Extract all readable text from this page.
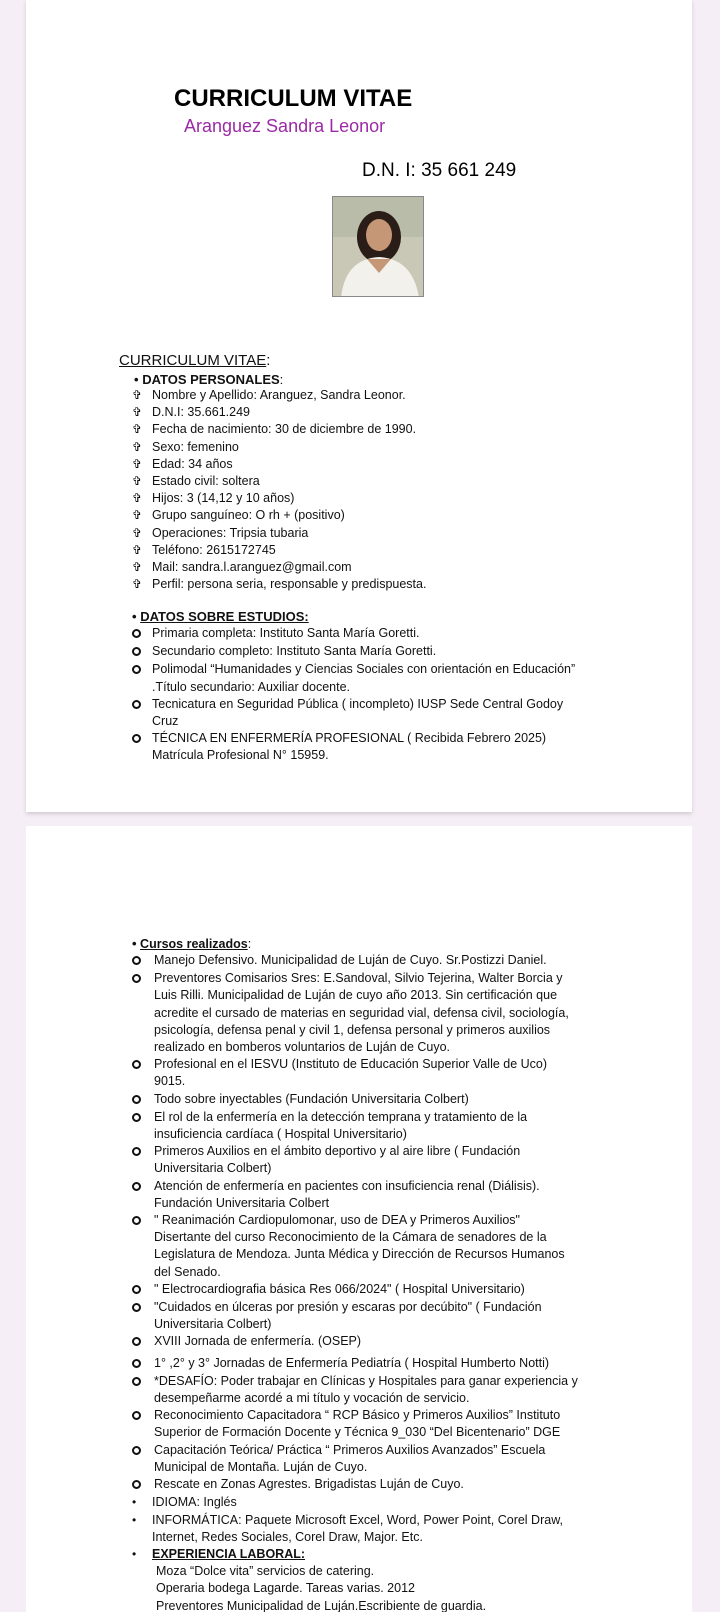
CURRICULUM VITAE
Aranguez Sandra Leonor
D.N. I: 35 661 249
CURRICULUM VITAE:
• DATOS PERSONALES:
✞ Nombre y Apellido: Aranguez, Sandra Leonor.
✞ D.N.I: 35.661.249
✞ Fecha de nacimiento: 30 de diciembre de 1990.
✞ Sexo: femenino
✞ Edad: 34 años
✞ Estado civil: soltera
✞ Hijos: 3 (14,12 y 10 años)
✞ Grupo sanguíneo: O rh + (positivo)
✞ Operaciones: Tripsia tubaria
✞ Teléfono: 2615172745
✞ Mail: sandra.l.aranguez@gmail.com
✞ Perfil: persona seria, responsable y predispuesta.
• DATOS SOBRE ESTUDIOS:
Primaria completa: Instituto Santa María Goretti.
Secundario completo: Instituto Santa María Goretti.
Polimodal “Humanidades y Ciencias Sociales con orientación en Educación” .Título secundario: Auxiliar docente.
Tecnicatura en Seguridad Pública ( incompleto) IUSP Sede Central Godoy Cruz
TÉCNICA EN ENFERMERÍA PROFESIONAL ( Recibida Febrero 2025) Matrícula Profesional N° 15959.
• Cursos realizados:
Manejo Defensivo. Municipalidad de Luján de Cuyo. Sr.Postizzi Daniel.
Preventores Comisarios Sres: E.Sandoval, Silvio Tejerina, Walter Borcia y Luis Rilli. Municipalidad de Luján de cuyo año 2013. Sin certificación que acredite el cursado de materias en seguridad vial, defensa civil, sociología, psicología, defensa penal y civil 1, defensa personal y primeros auxilios realizado en bomberos voluntarios de Luján de Cuyo.
Profesional en el IESVU (Instituto de Educación Superior Valle de Uco) 9015.
Todo sobre inyectables (Fundación Universitaria Colbert)
El rol de la enfermería en la detección temprana y tratamiento de la insuficiencia cardíaca ( Hospital Universitario)
Primeros Auxilios en el ámbito deportivo y al aire libre ( Fundación Universitaria Colbert)
Atención de enfermería en pacientes con insuficiencia renal (Diálisis). Fundación Universitaria Colbert
" Reanimación Cardiopulomonar, uso de DEA y Primeros Auxilios" Disertante del curso Reconocimiento de la Cámara de senadores de la Legislatura de Mendoza. Junta Médica y Dirección de Recursos Humanos del Senado.
" Electrocardiografia básica Res 066/2024" ( Hospital Universitario)
"Cuidados en úlceras por presión y escaras por decúbito" ( Fundación Universitaria Colbert)
XVIII Jornada de enfermería. (OSEP)
1° ,2° y 3° Jornadas de Enfermería Pediatría ( Hospital Humberto Notti)
*DESAFÍO: Poder trabajar en Clínicas y Hospitales para ganar experiencia y desempeñarme acordé a mi título y vocación de servicio.
Reconocimiento Capacitadora “ RCP Básico y Primeros Auxilios” Instituto Superior de Formación Docente y Técnica 9_030 “Del Bicentenario” DGE
Capacitación Teórica/ Práctica “ Primeros Auxilios Avanzados” Escuela Municipal de Montaña. Luján de Cuyo.
Rescate en Zonas Agrestes. Brigadistas Luján de Cuyo.
•	IDIOMA: Inglés
•	INFORMÁTICA: Paquete Microsoft Excel, Word, Power Point, Corel Draw, Internet, Redes Sociales, Corel Draw, Major. Etc.
•	EXPERIENCIA LABORAL:
Moza “Dolce vita” servicios de catering.
Operaria bodega Lagarde. Tareas varias. 2012
Preventores Municipalidad de Luján.Escribiente de guardia.
